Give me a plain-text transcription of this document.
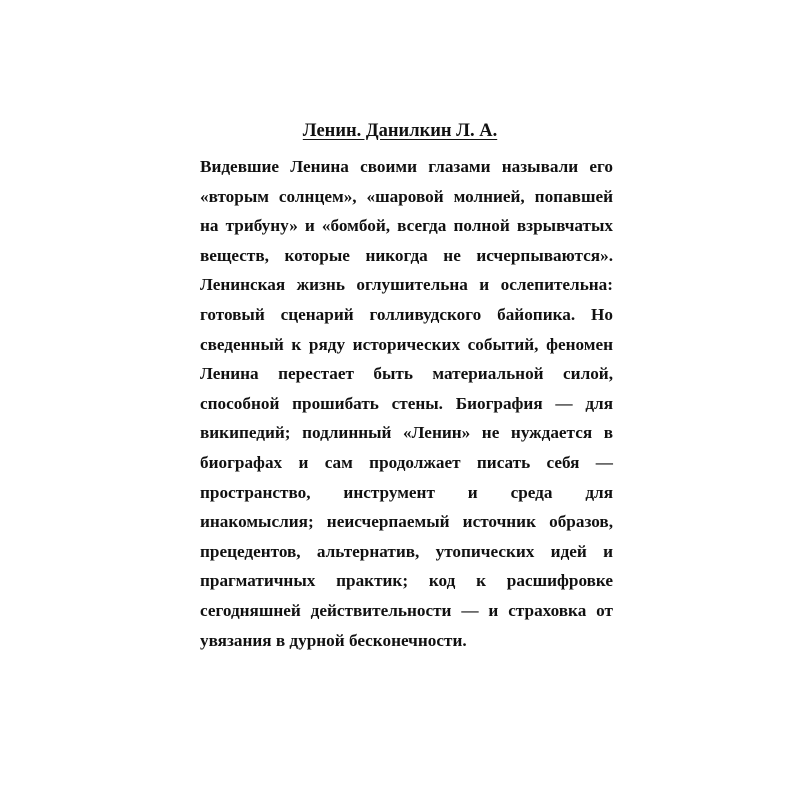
Ленин. Данилкин Л. А.
Видевшие Ленина своими глазами называли его
«вторым солнцем», «шаровой молнией, попавшей
на трибуну» и «бомбой, всегда полной взрывчатых
веществ, которые никогда не исчерпываются».
Ленинская жизнь оглушительна и ослепительна:
готовый сценарий голливудского байопика. Но
сведенный к ряду исторических событий, феномен
Ленина перестает быть материальной силой,
способной прошибать стены. Биография — для
википедий; подлинный «Ленин» не нуждается в
биографах и сам продолжает писать себя —
пространство, инструмент и среда для
инакомыслия; неисчерпаемый источник образов,
прецедентов, альтернатив, утопических идей и
прагматичных практик; код к расшифровке
сегодняшней действительности — и страховка от
увязания в дурной бесконечности.
